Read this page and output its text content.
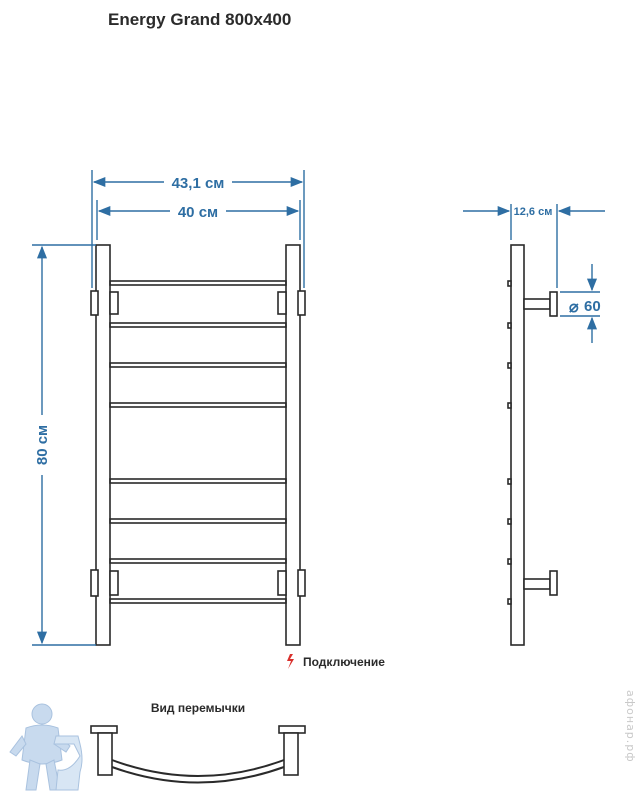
Energy Grand 800x400
43,1 см
40 см
80 см
12,6 см
⌀ 60
Подключение
Вид перемычки	афонар.рф
